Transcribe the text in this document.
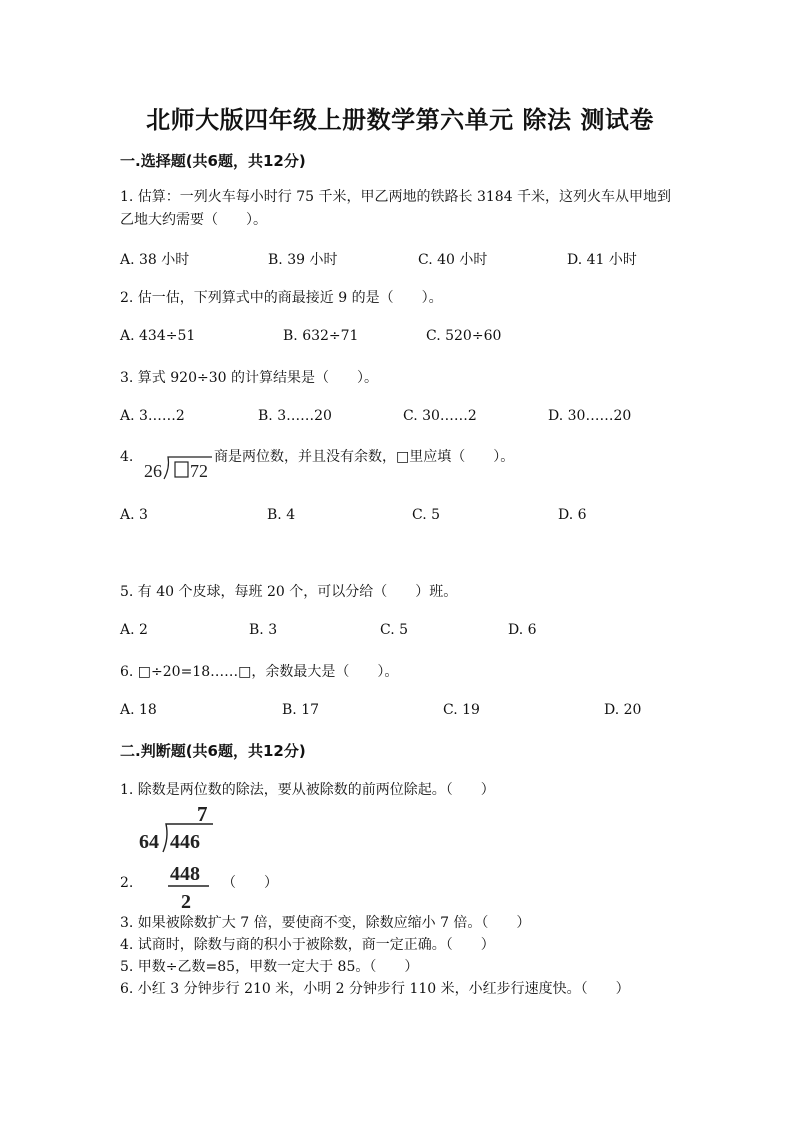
北师大版四年级上册数学第六单元 除法 测试卷
一.选择题(共6题，共12分)
1. 估算：一列火车每小时行 75 千米，甲乙两地的铁路长 3184 千米，这列火车从甲地到乙地大约需要（　　）。
A. 38 小时	B. 39 小时	C. 40 小时	D. 41 小时
2. 估一估，下列算式中的商最接近 9 的是（　　）。
A. 434÷51	B. 632÷71	C. 520÷60
3. 算式 920÷30 的计算结果是（　　）。
A. 3……2	B. 3……20	C. 30……2	D. 30……20
4.
26 72
商是两位数，并且没有余数，□里应填（　　）。
A. 3	B. 4	C. 5	D. 6
5. 有 40 个皮球，每班 20 个，可以分给（　　）班。
A. 2	B. 3	C. 5	D. 6
6. □÷20=18……□，余数最大是（　　）。
A. 18	B. 17	C. 19	D. 20
二.判断题(共6题，共12分)
1. 除数是两位数的除法，要从被除数的前两位除起。（　　）
7
64 446
448
2
2.	（　　）
3. 如果被除数扩大 7 倍，要使商不变，除数应缩小 7 倍。（　　）
4. 试商时，除数与商的积小于被除数，商一定正确。（　　）
5. 甲数÷乙数=85，甲数一定大于 85。（　　）
6. 小红 3 分钟步行 210 米，小明 2 分钟步行 110 米，小红步行速度快。（　　）
